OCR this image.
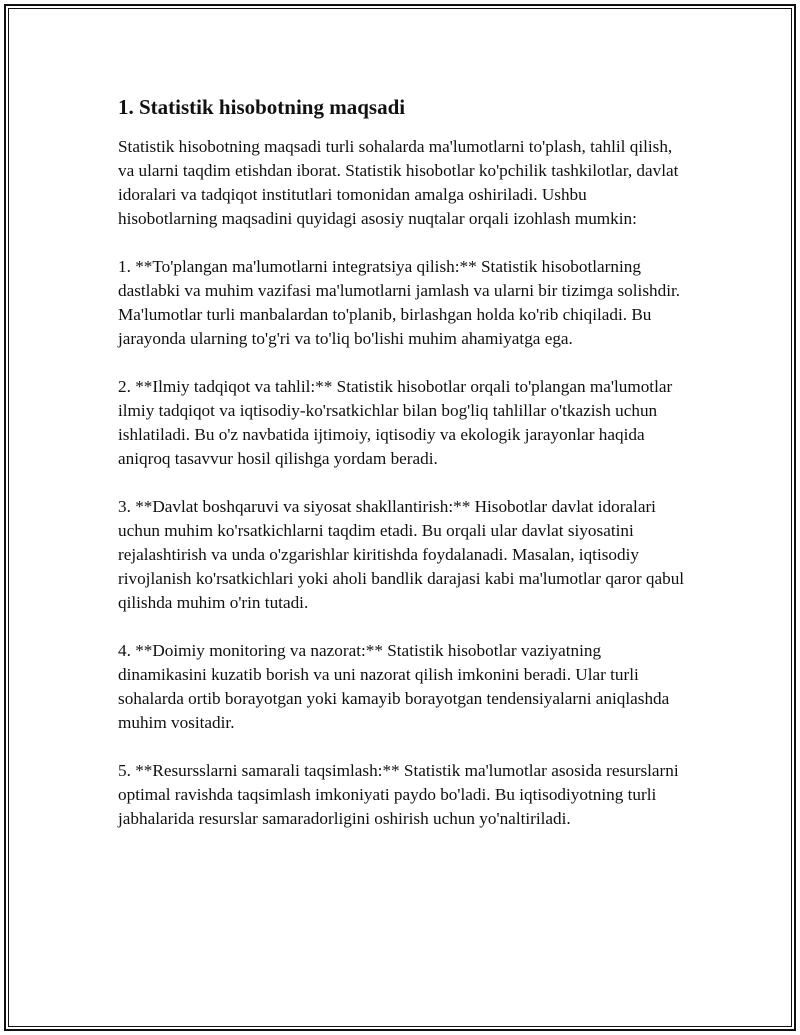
1. Statistik hisobotning maqsadi

Statistik hisobotning maqsadi turli sohalarda ma'lumotlarni to'plash, tahlil qilish, va ularni taqdim etishdan iborat. Statistik hisobotlar ko'pchilik tashkilotlar, davlat idoralari va tadqiqot institutlari tomonidan amalga oshiriladi. Ushbu hisobotlarning maqsadini quyidagi asosiy nuqtalar orqali izohlash mumkin:

1. **To'plangan ma'lumotlarni integratsiya qilish:** Statistik hisobotlarning dastlabki va muhim vazifasi ma'lumotlarni jamlash va ularni bir tizimga solishdir. Ma'lumotlar turli manbalardan to'planib, birlashgan holda ko'rib chiqiladi. Bu jarayonda ularning to'g'ri va to'liq bo'lishi muhim ahamiyatga ega.

2. **Ilmiy tadqiqot va tahlil:** Statistik hisobotlar orqali to'plangan ma'lumotlar ilmiy tadqiqot va iqtisodiy-ko'rsatkichlar bilan bog'liq tahlillar o'tkazish uchun ishlatiladi. Bu o'z navbatida ijtimoiy, iqtisodiy va ekologik jarayonlar haqida aniqroq tasavvur hosil qilishga yordam beradi.

3. **Davlat boshqaruvi va siyosat shakllantirish:** Hisobotlar davlat idoralari uchun muhim ko'rsatkichlarni taqdim etadi. Bu orqali ular davlat siyosatini rejalashtirish va unda o'zgarishlar kiritishda foydalanadi. Masalan, iqtisodiy rivojlanish ko'rsatkichlari yoki aholi bandlik darajasi kabi ma'lumotlar qaror qabul qilishda muhim o'rin tutadi.

4. **Doimiy monitoring va nazorat:** Statistik hisobotlar vaziyatning dinamikasini kuzatib borish va uni nazorat qilish imkonini beradi. Ular turli sohalarda ortib borayotgan yoki kamayib borayotgan tendensiyalarni aniqlashda muhim vositadir.

5. **Resursslarni samarali taqsimlash:** Statistik ma'lumotlar asosida resurslarni optimal ravishda taqsimlash imkoniyati paydo bo'ladi. Bu iqtisodiyotning turli jabhalarida resurslar samaradorligini oshirish uchun yo'naltiriladi.
